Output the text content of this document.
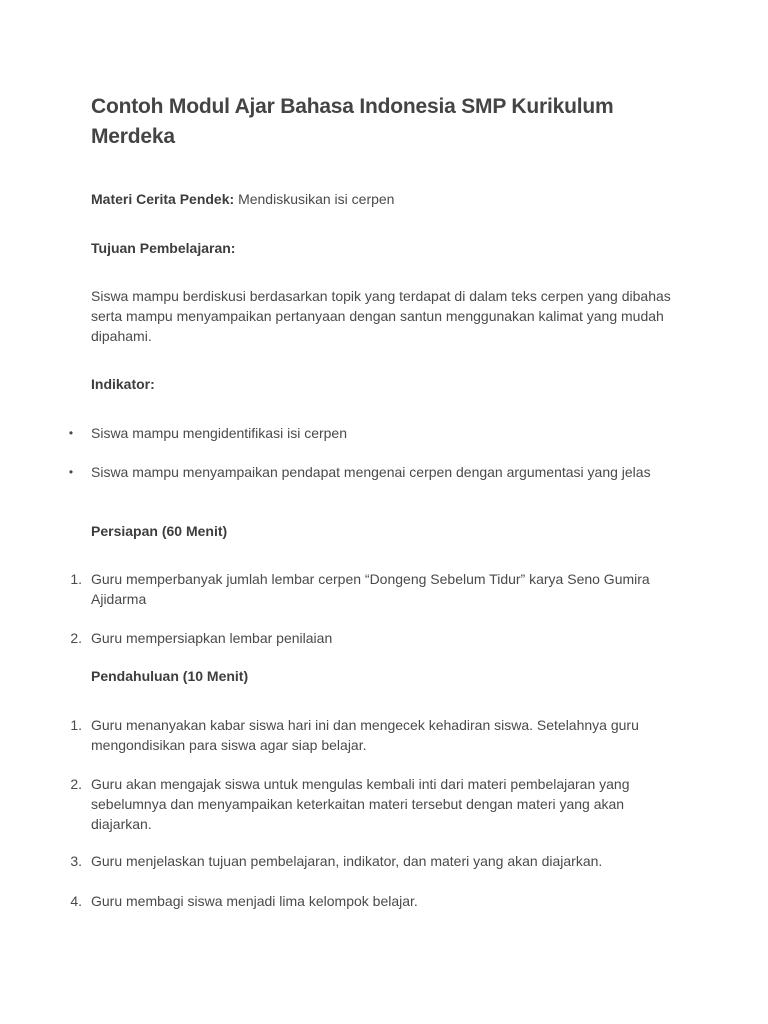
Contoh Modul Ajar Bahasa Indonesia SMP Kurikulum Merdeka

Materi Cerita Pendek: Mendiskusikan isi cerpen

Tujuan Pembelajaran:

Siswa mampu berdiskusi berdasarkan topik yang terdapat di dalam teks cerpen yang dibahas serta mampu menyampaikan pertanyaan dengan santun menggunakan kalimat yang mudah dipahami.

Indikator:

• Siswa mampu mengidentifikasi isi cerpen
• Siswa mampu menyampaikan pendapat mengenai cerpen dengan argumentasi yang jelas

Persiapan (60 Menit)

1. Guru memperbanyak jumlah lembar cerpen “Dongeng Sebelum Tidur” karya Seno Gumira Ajidarma
2. Guru mempersiapkan lembar penilaian

Pendahuluan (10 Menit)

1. Guru menanyakan kabar siswa hari ini dan mengecek kehadiran siswa. Setelahnya guru mengondisikan para siswa agar siap belajar.
2. Guru akan mengajak siswa untuk mengulas kembali inti dari materi pembelajaran yang sebelumnya dan menyampaikan keterkaitan materi tersebut dengan materi yang akan diajarkan.
3. Guru menjelaskan tujuan pembelajaran, indikator, dan materi yang akan diajarkan.
4. Guru membagi siswa menjadi lima kelompok belajar.
